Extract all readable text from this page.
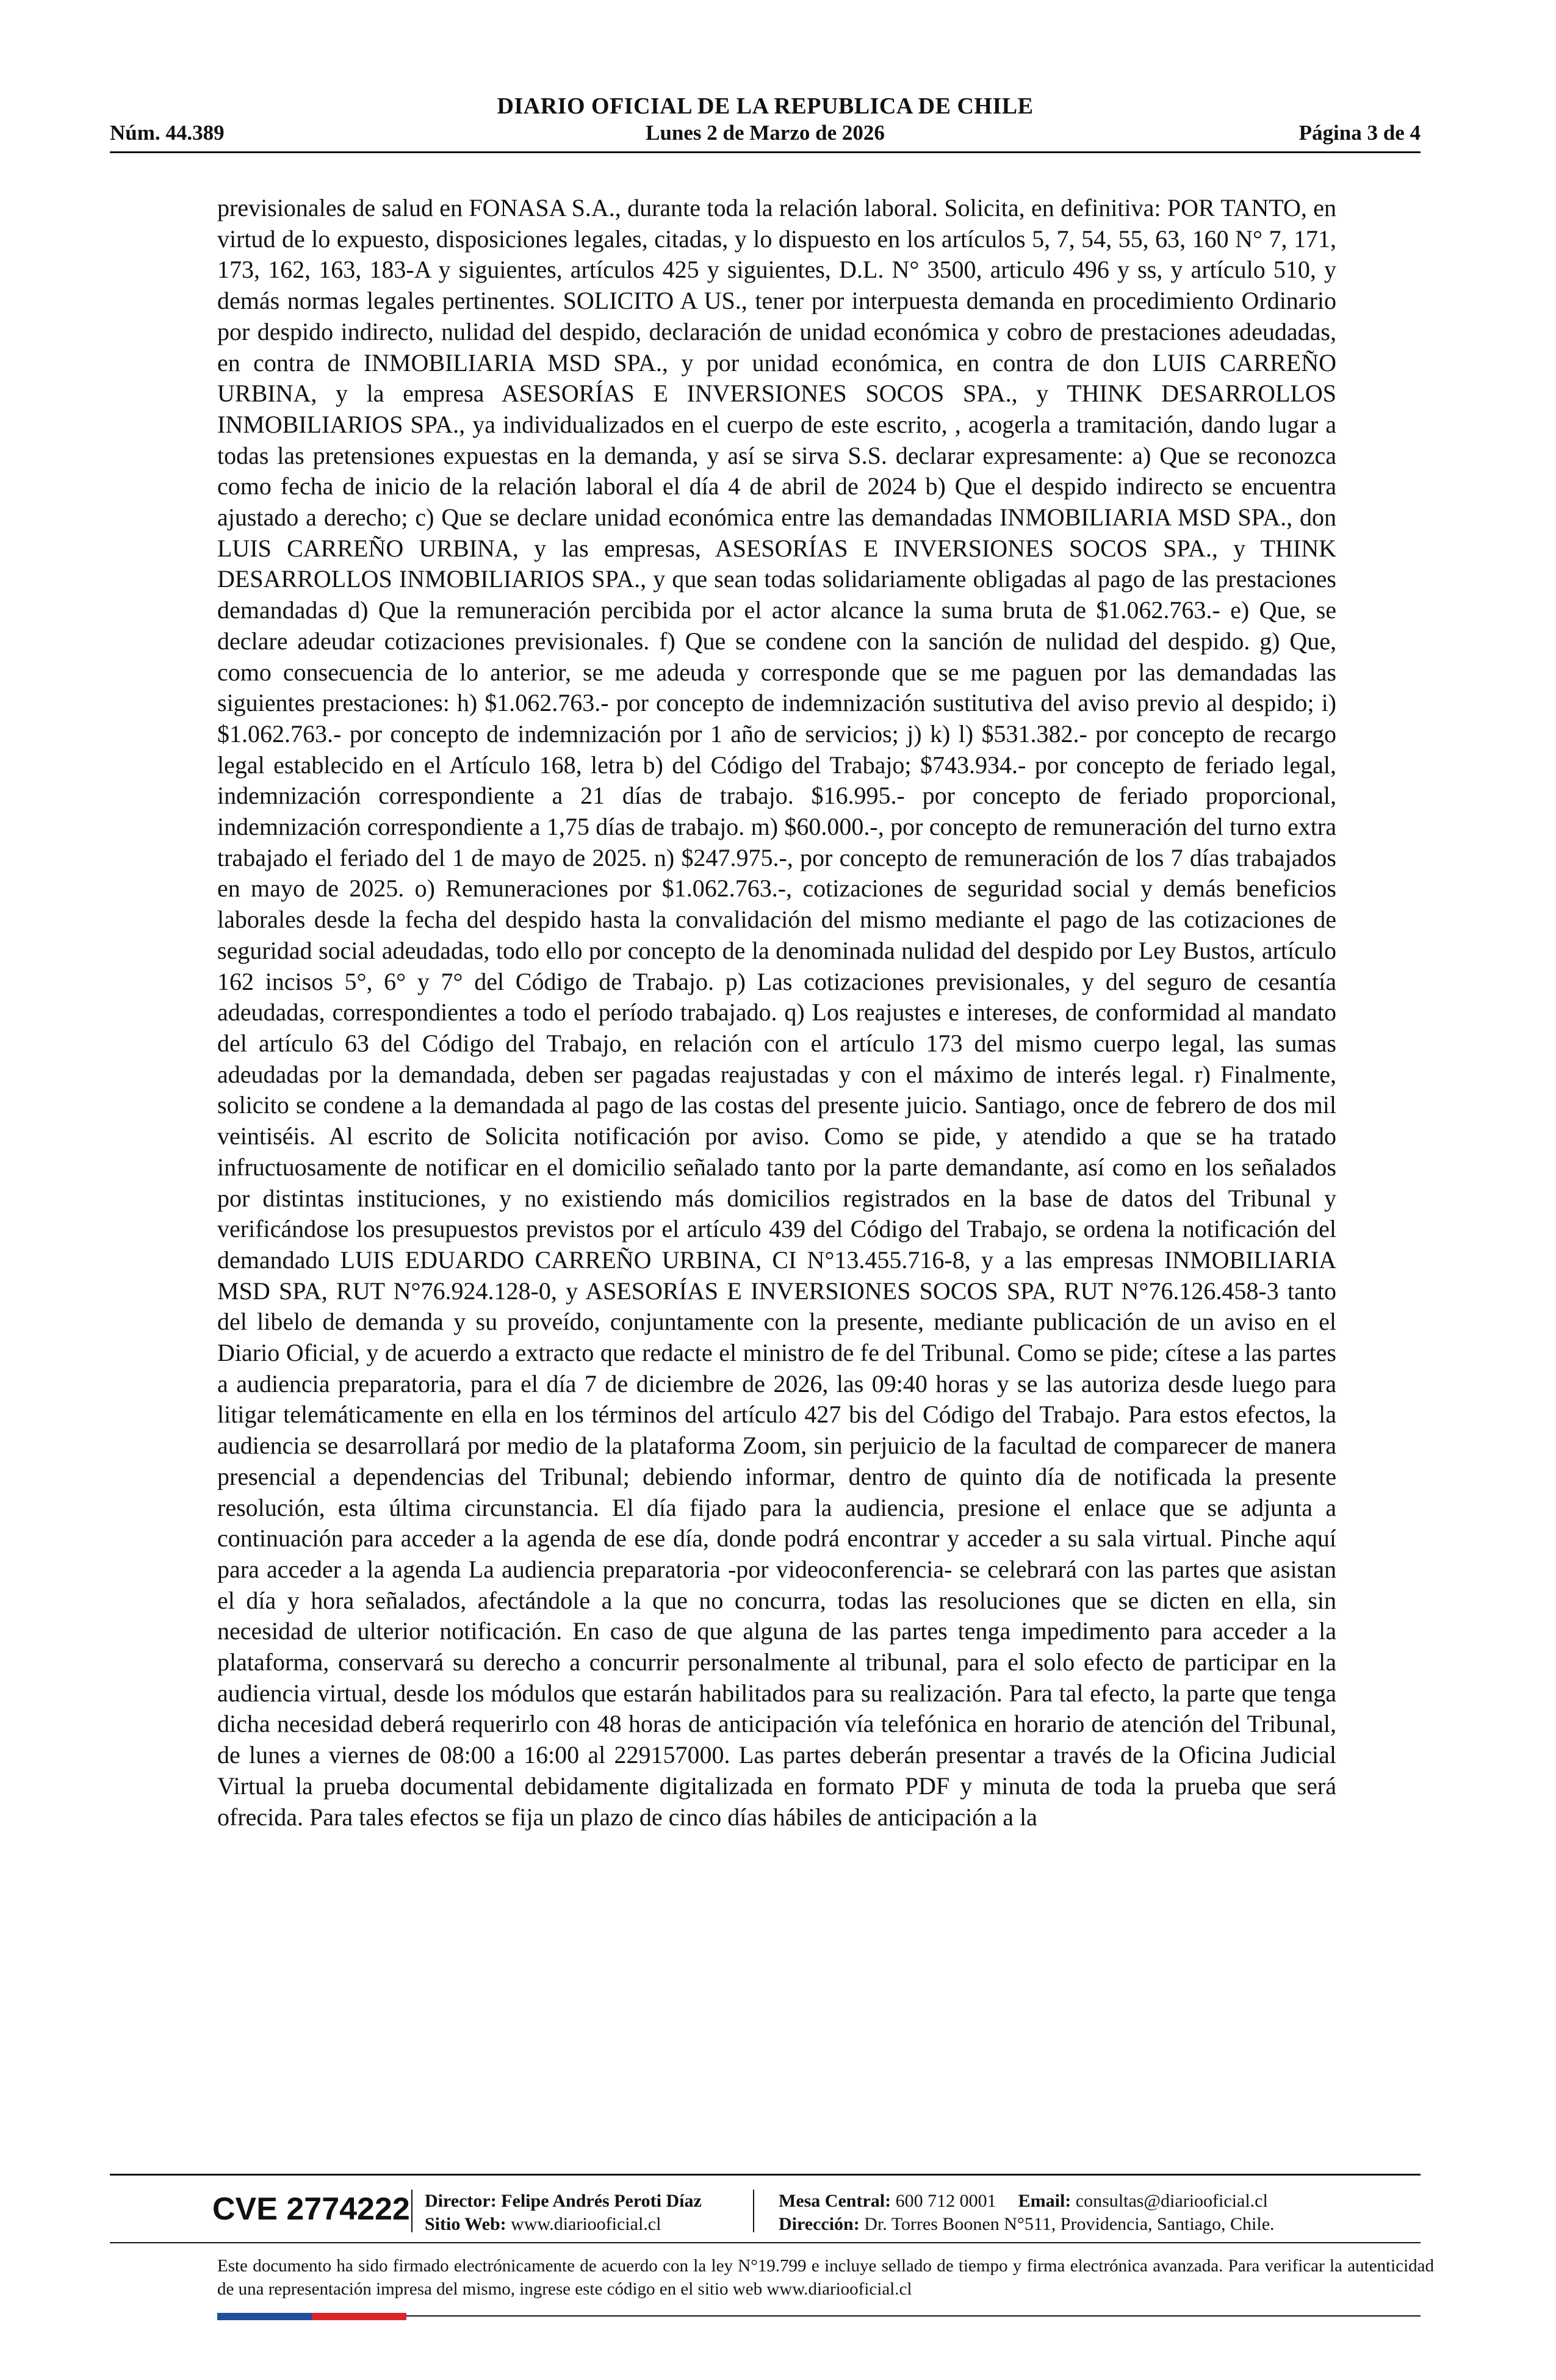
DIARIO OFICIAL DE LA REPUBLICA DE CHILE
Lunes 2 de Marzo de 2026
Núm. 44.389	Página 3 de 4
previsionales de salud en FONASA S.A., durante toda la relación laboral. Solicita, en definitiva: POR TANTO, en virtud de lo expuesto, disposiciones legales, citadas, y lo dispuesto en los artículos 5, 7, 54, 55, 63, 160 N° 7, 171, 173, 162, 163, 183-A y siguientes, artículos 425 y siguientes, D.L. N° 3500, articulo 496 y ss, y artículo 510, y demás normas legales pertinentes. SOLICITO A US., tener por interpuesta demanda en procedimiento Ordinario por despido indirecto, nulidad del despido, declaración de unidad económica y cobro de prestaciones adeudadas, en contra de INMOBILIARIA MSD SPA., y por unidad económica, en contra de don LUIS CARREÑO URBINA, y la empresa ASESORÍAS E INVERSIONES SOCOS SPA., y THINK DESARROLLOS INMOBILIARIOS SPA., ya individualizados en el cuerpo de este escrito, , acogerla a tramitación, dando lugar a todas las pretensiones expuestas en la demanda, y así se sirva S.S. declarar expresamente: a) Que se reconozca como fecha de inicio de la relación laboral el día 4 de abril de 2024 b) Que el despido indirecto se encuentra ajustado a derecho; c) Que se declare unidad económica entre las demandadas INMOBILIARIA MSD SPA., don LUIS CARREÑO URBINA, y las empresas, ASESORÍAS E INVERSIONES SOCOS SPA., y THINK DESARROLLOS INMOBILIARIOS SPA., y que sean todas solidariamente obligadas al pago de las prestaciones demandadas d) Que la remuneración percibida por el actor alcance la suma bruta de $1.062.763.- e) Que, se declare adeudar cotizaciones previsionales. f) Que se condene con la sanción de nulidad del despido. g) Que, como consecuencia de lo anterior, se me adeuda y corresponde que se me paguen por las demandadas las siguientes prestaciones: h) $1.062.763.- por concepto de indemnización sustitutiva del aviso previo al despido; i) $1.062.763.- por concepto de indemnización por 1 año de servicios; j) k) l) $531.382.- por concepto de recargo legal establecido en el Artículo 168, letra b) del Código del Trabajo; $743.934.- por concepto de feriado legal, indemnización correspondiente a 21 días de trabajo. $16.995.- por concepto de feriado proporcional, indemnización correspondiente a 1,75 días de trabajo. m) $60.000.-, por concepto de remuneración del turno extra trabajado el feriado del 1 de mayo de 2025. n) $247.975.-, por concepto de remuneración de los 7 días trabajados en mayo de 2025. o) Remuneraciones por $1.062.763.-, cotizaciones de seguridad social y demás beneficios laborales desde la fecha del despido hasta la convalidación del mismo mediante el pago de las cotizaciones de seguridad social adeudadas, todo ello por concepto de la denominada nulidad del despido por Ley Bustos, artículo 162 incisos 5°, 6° y 7° del Código de Trabajo. p) Las cotizaciones previsionales, y del seguro de cesantía adeudadas, correspondientes a todo el período trabajado. q) Los reajustes e intereses, de conformidad al mandato del artículo 63 del Código del Trabajo, en relación con el artículo 173 del mismo cuerpo legal, las sumas adeudadas por la demandada, deben ser pagadas reajustadas y con el máximo de interés legal. r) Finalmente, solicito se condene a la demandada al pago de las costas del presente juicio. Santiago, once de febrero de dos mil veintiséis. Al escrito de Solicita notificación por aviso. Como se pide, y atendido a que se ha tratado infructuosamente de notificar en el domicilio señalado tanto por la parte demandante, así como en los señalados por distintas instituciones, y no existiendo más domicilios registrados en la base de datos del Tribunal y verificándose los presupuestos previstos por el artículo 439 del Código del Trabajo, se ordena la notificación del demandado LUIS EDUARDO CARREÑO URBINA, CI N°13.455.716-8, y a las empresas INMOBILIARIA MSD SPA, RUT N°76.924.128-0, y ASESORÍAS E INVERSIONES SOCOS SPA, RUT N°76.126.458-3 tanto del libelo de demanda y su proveído, conjuntamente con la presente, mediante publicación de un aviso en el Diario Oficial, y de acuerdo a extracto que redacte el ministro de fe del Tribunal. Como se pide; cítese a las partes a audiencia preparatoria, para el día 7 de diciembre de 2026, las 09:40 horas y se las autoriza desde luego para litigar telemáticamente en ella en los términos del artículo 427 bis del Código del Trabajo. Para estos efectos, la audiencia se desarrollará por medio de la plataforma Zoom, sin perjuicio de la facultad de comparecer de manera presencial a dependencias del Tribunal; debiendo informar, dentro de quinto día de notificada la presente resolución, esta última circunstancia. El día fijado para la audiencia, presione el enlace que se adjunta a continuación para acceder a la agenda de ese día, donde podrá encontrar y acceder a su sala virtual. Pinche aquí para acceder a la agenda La audiencia preparatoria -por videoconferencia- se celebrará con las partes que asistan el día y hora señalados, afectándole a la que no concurra, todas las resoluciones que se dicten en ella, sin necesidad de ulterior notificación. En caso de que alguna de las partes tenga impedimento para acceder a la plataforma, conservará su derecho a concurrir personalmente al tribunal, para el solo efecto de participar en la audiencia virtual, desde los módulos que estarán habilitados para su realización. Para tal efecto, la parte que tenga dicha necesidad deberá requerirlo con 48 horas de anticipación vía telefónica en horario de atención del Tribunal, de lunes a viernes de 08:00 a 16:00 al 229157000. Las partes deberán presentar a través de la Oficina Judicial Virtual la prueba documental debidamente digitalizada en formato PDF y minuta de toda la prueba que será ofrecida. Para tales efectos se fija un plazo de cinco días hábiles de anticipación a la
CVE 2774222 Director: Felipe Andrés Peroti Díaz
Sitio Web: www.diariooficial.cl
Mesa Central: 600 712 0001 Email: consultas@diariooficial.cl
Dirección: Dr. Torres Boonen N°511, Providencia, Santiago, Chile.
Este documento ha sido firmado electrónicamente de acuerdo con la ley N°19.799 e incluye sellado de tiempo y firma electrónica avanzada. Para verificar la autenticidad de una representación impresa del mismo, ingrese este código en el sitio web www.diariooficial.cl
